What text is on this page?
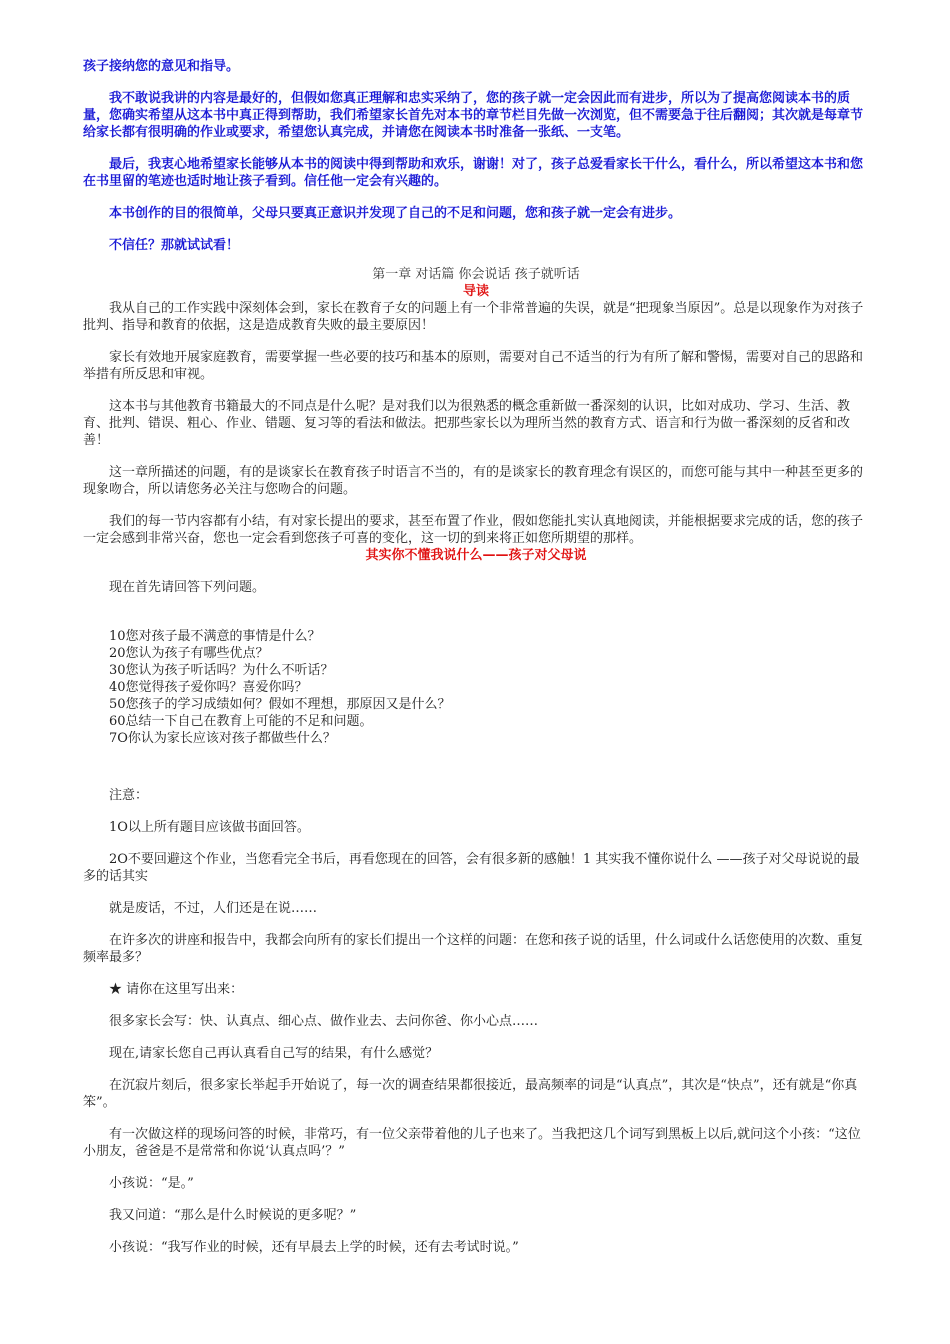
孩子接纳您的意见和指导。

我不敢说我讲的内容是最好的，但假如您真正理解和忠实采纳了，您的孩子就一定会因此而有进步，所以为了提高您阅读本书的质量，您确实希望从这本书中真正得到帮助，我们希望家长首先对本书的章节栏目先做一次浏览，但不需要急于往后翻阅；其次就是每章节给家长都有很明确的作业或要求，希望您认真完成，并请您在阅读本书时准备一张纸、一支笔。

最后，我衷心地希望家长能够从本书的阅读中得到帮助和欢乐，谢谢！对了，孩子总爱看家长干什么，看什么，所以希望这本书和您在书里留的笔迹也适时地让孩子看到。信任他一定会有兴趣的。

本书创作的目的很简单，父母只要真正意识并发现了自己的不足和问题，您和孩子就一定会有进步。

不信任？那就试试看！

第一章 对话篇 你会说话 孩子就听话

导读

我从自己的工作实践中深刻体会到，家长在教育子女的问题上有一个非常普遍的失误，就是“把现象当原因”。总是以现象作为对孩子批判、指导和教育的依据，这是造成教育失败的最主要原因！

家长有效地开展家庭教育，需要掌握一些必要的技巧和基本的原则，需要对自己不适当的行为有所了解和警惕，需要对自己的思路和举措有所反思和审视。

这本书与其他教育书籍最大的不同点是什么呢？是对我们以为很熟悉的概念重新做一番深刻的认识，比如对成功、学习、生活、教育、批判、错误、粗心、作业、错题、复习等的看法和做法。把那些家长以为理所当然的教育方式、语言和行为做一番深刻的反省和改善！

这一章所描述的问题，有的是谈家长在教育孩子时语言不当的，有的是谈家长的教育理念有误区的，而您可能与其中一种甚至更多的现象吻合，所以请您务必关注与您吻合的问题。

我们的每一节内容都有小结，有对家长提出的要求，甚至布置了作业，假如您能扎实认真地阅读，并能根据要求完成的话，您的孩子一定会感到非常兴奋，您也一定会看到您孩子可喜的变化，这一切的到来将正如您所期望的那样。

其实你不懂我说什么——孩子对父母说

现在首先请回答下列问题。

10您对孩子最不满意的事情是什么？

20您认为孩子有哪些优点？

30您认为孩子听话吗？为什么不听话？

40您觉得孩子爱你吗？喜爱你吗？

50您孩子的学习成绩如何？假如不理想，那原因又是什么？

60总结一下自己在教育上可能的不足和问题。

7O你认为家长应该对孩子都做些什么？

注意：

1O以上所有题目应该做书面回答。

2O不要回避这个作业，当您看完全书后，再看您现在的回答，会有很多新的感触！1 其实我不懂你说什么 ——孩子对父母说说的最多的话其实

就是废话，不过，人们还是在说……

在许多次的讲座和报告中，我都会向所有的家长们提出一个这样的问题：在您和孩子说的话里，什么词或什么话您使用的次数、重复频率最多？

★ 请你在这里写出来：

很多家长会写：快、认真点、细心点、做作业去、去问你爸、你小心点……

现在,请家长您自己再认真看自己写的结果，有什么感觉？

在沉寂片刻后，很多家长举起手开始说了，每一次的调查结果都很接近，最高频率的词是“认真点”，其次是“快点”，还有就是“你真笨”。

有一次做这样的现场问答的时候，非常巧，有一位父亲带着他的儿子也来了。当我把这几个词写到黑板上以后,就问这个小孩：“这位小朋友，爸爸是不是常常和你说‘认真点吗’？”

小孩说：“是。”

我又问道：“那么是什么时候说的更多呢？”

小孩说：“我写作业的时候，还有早晨去上学的时候，还有去考试时说。”
